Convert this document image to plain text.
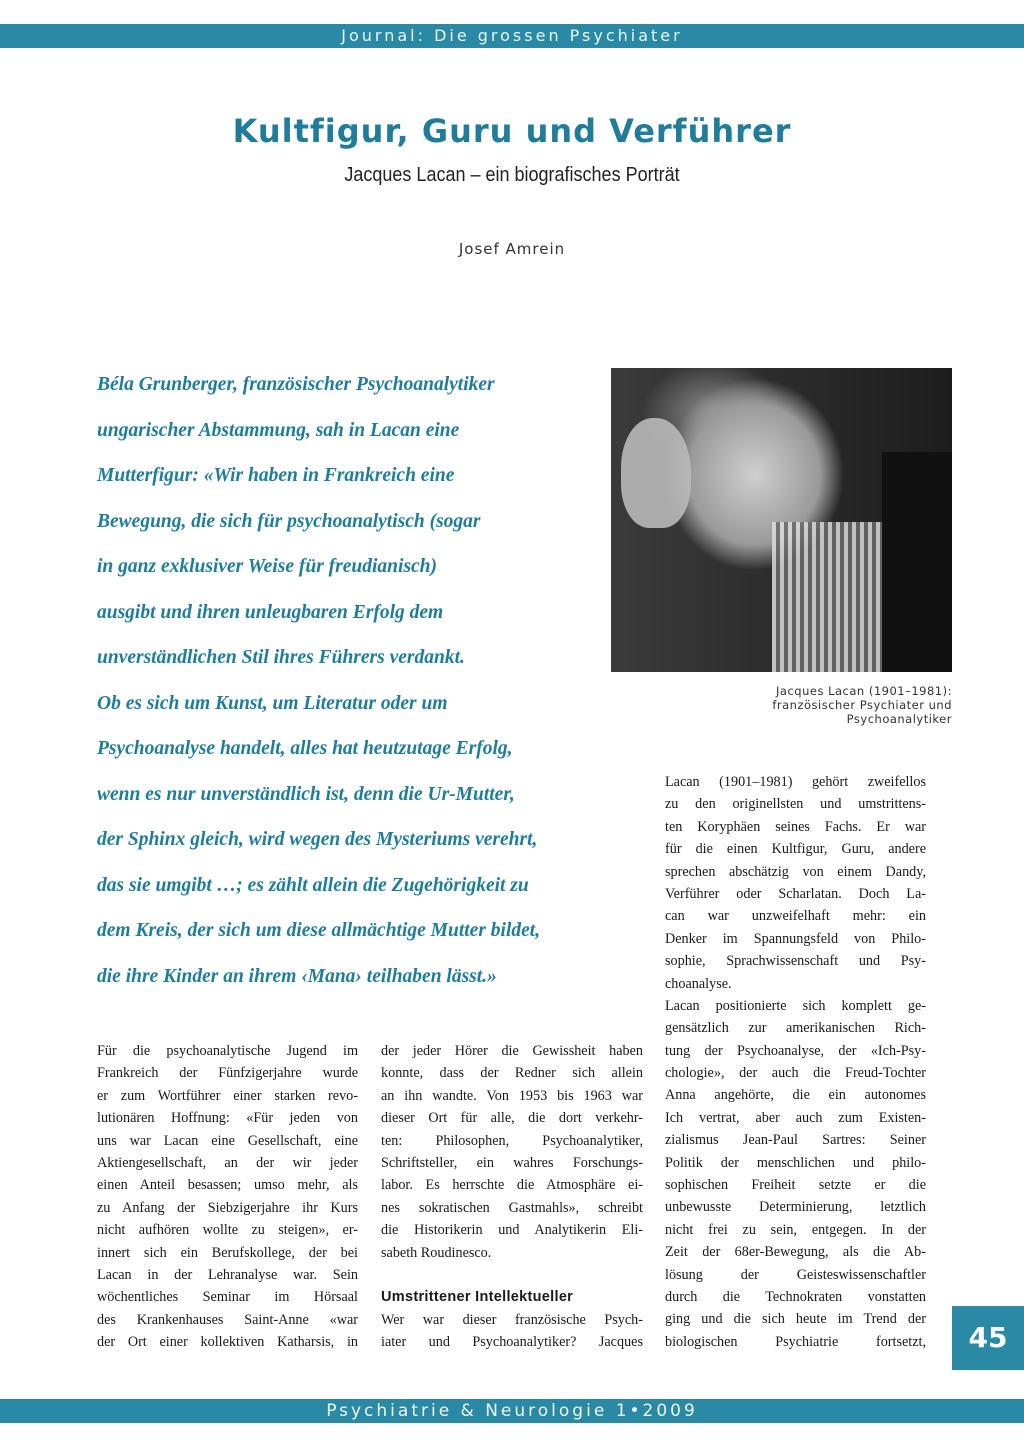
Journal: Die grossen Psychiater
Kultfigur, Guru und Verführer
Jacques Lacan – ein biografisches Porträt
Josef Amrein
Béla Grunberger, französischer Psychoanalytiker
ungarischer Abstammung, sah in Lacan eine
Mutterfigur: «Wir haben in Frankreich eine
Bewegung, die sich für psychoanalytisch (sogar
in ganz exklusiver Weise für freudianisch)
ausgibt und ihren unleugbaren Erfolg dem
unverständlichen Stil ihres Führers verdankt.
Ob es sich um Kunst, um Literatur oder um
Psychoanalyse handelt, alles hat heutzutage Erfolg,
wenn es nur unverständlich ist, denn die Ur-Mutter,
der Sphinx gleich, wird wegen des Mysteriums verehrt,
das sie umgibt …; es zählt allein die Zugehörigkeit zu
dem Kreis, der sich um diese allmächtige Mutter bildet,
die ihre Kinder an ihrem ‹Mana› teilhaben lässt.»
Jacques Lacan (1901–1981):
französischer Psychiater und
Psychoanalytiker
Für die psychoanalytische Jugend im
Frankreich der Fünfzigerjahre wurde
er zum Wortführer einer starken revo-
lutionären Hoffnung: «Für jeden von
uns war Lacan eine Gesellschaft, eine
Aktiengesellschaft, an der wir jeder
einen Anteil besassen; umso mehr, als
zu Anfang der Siebzigerjahre ihr Kurs
nicht aufhören wollte zu steigen», er-
innert sich ein Berufskollege, der bei
Lacan in der Lehranalyse war. Sein
wöchentliches Seminar im Hörsaal
des Krankenhauses Saint-Anne «war
der Ort einer kollektiven Katharsis, in
der jeder Hörer die Gewissheit haben
konnte, dass der Redner sich allein
an ihn wandte. Von 1953 bis 1963 war
dieser Ort für alle, die dort verkehr-
ten: Philosophen, Psychoanalytiker,
Schriftsteller, ein wahres Forschungs-
labor. Es herrschte die Atmosphäre ei-
nes sokratischen Gastmahls», schreibt
die Historikerin und Analytikerin Eli-
sabeth Roudinesco.
Umstrittener Intellektueller
Wer war dieser französische Psych-
iater und Psychoanalytiker? Jacques
Lacan (1901–1981) gehört zweifellos
zu den originellsten und umstrittens-
ten Koryphäen seines Fachs. Er war
für die einen Kultfigur, Guru, andere
sprechen abschätzig von einem Dandy,
Verführer oder Scharlatan. Doch La-
can war unzweifelhaft mehr: ein
Denker im Spannungsfeld von Philo-
sophie, Sprachwissenschaft und Psy-
choanalyse.
Lacan positionierte sich komplett ge-
gensätzlich zur amerikanischen Rich-
tung der Psychoanalyse, der «Ich-Psy-
chologie», der auch die Freud-Tochter
Anna angehörte, die ein autonomes
Ich vertrat, aber auch zum Existen-
zialismus Jean-Paul Sartres: Seiner
Politik der menschlichen und philo-
sophischen Freiheit setzte er die
unbewusste Determinierung, letztlich
nicht frei zu sein, entgegen. In der
Zeit der 68er-Bewegung, als die Ab-
lösung der Geisteswissenschaftler
durch die Technokraten vonstatten
ging und die sich heute im Trend der
biologischen Psychiatrie fortsetzt,	45
Psychiatrie & Neurologie 1•2009
